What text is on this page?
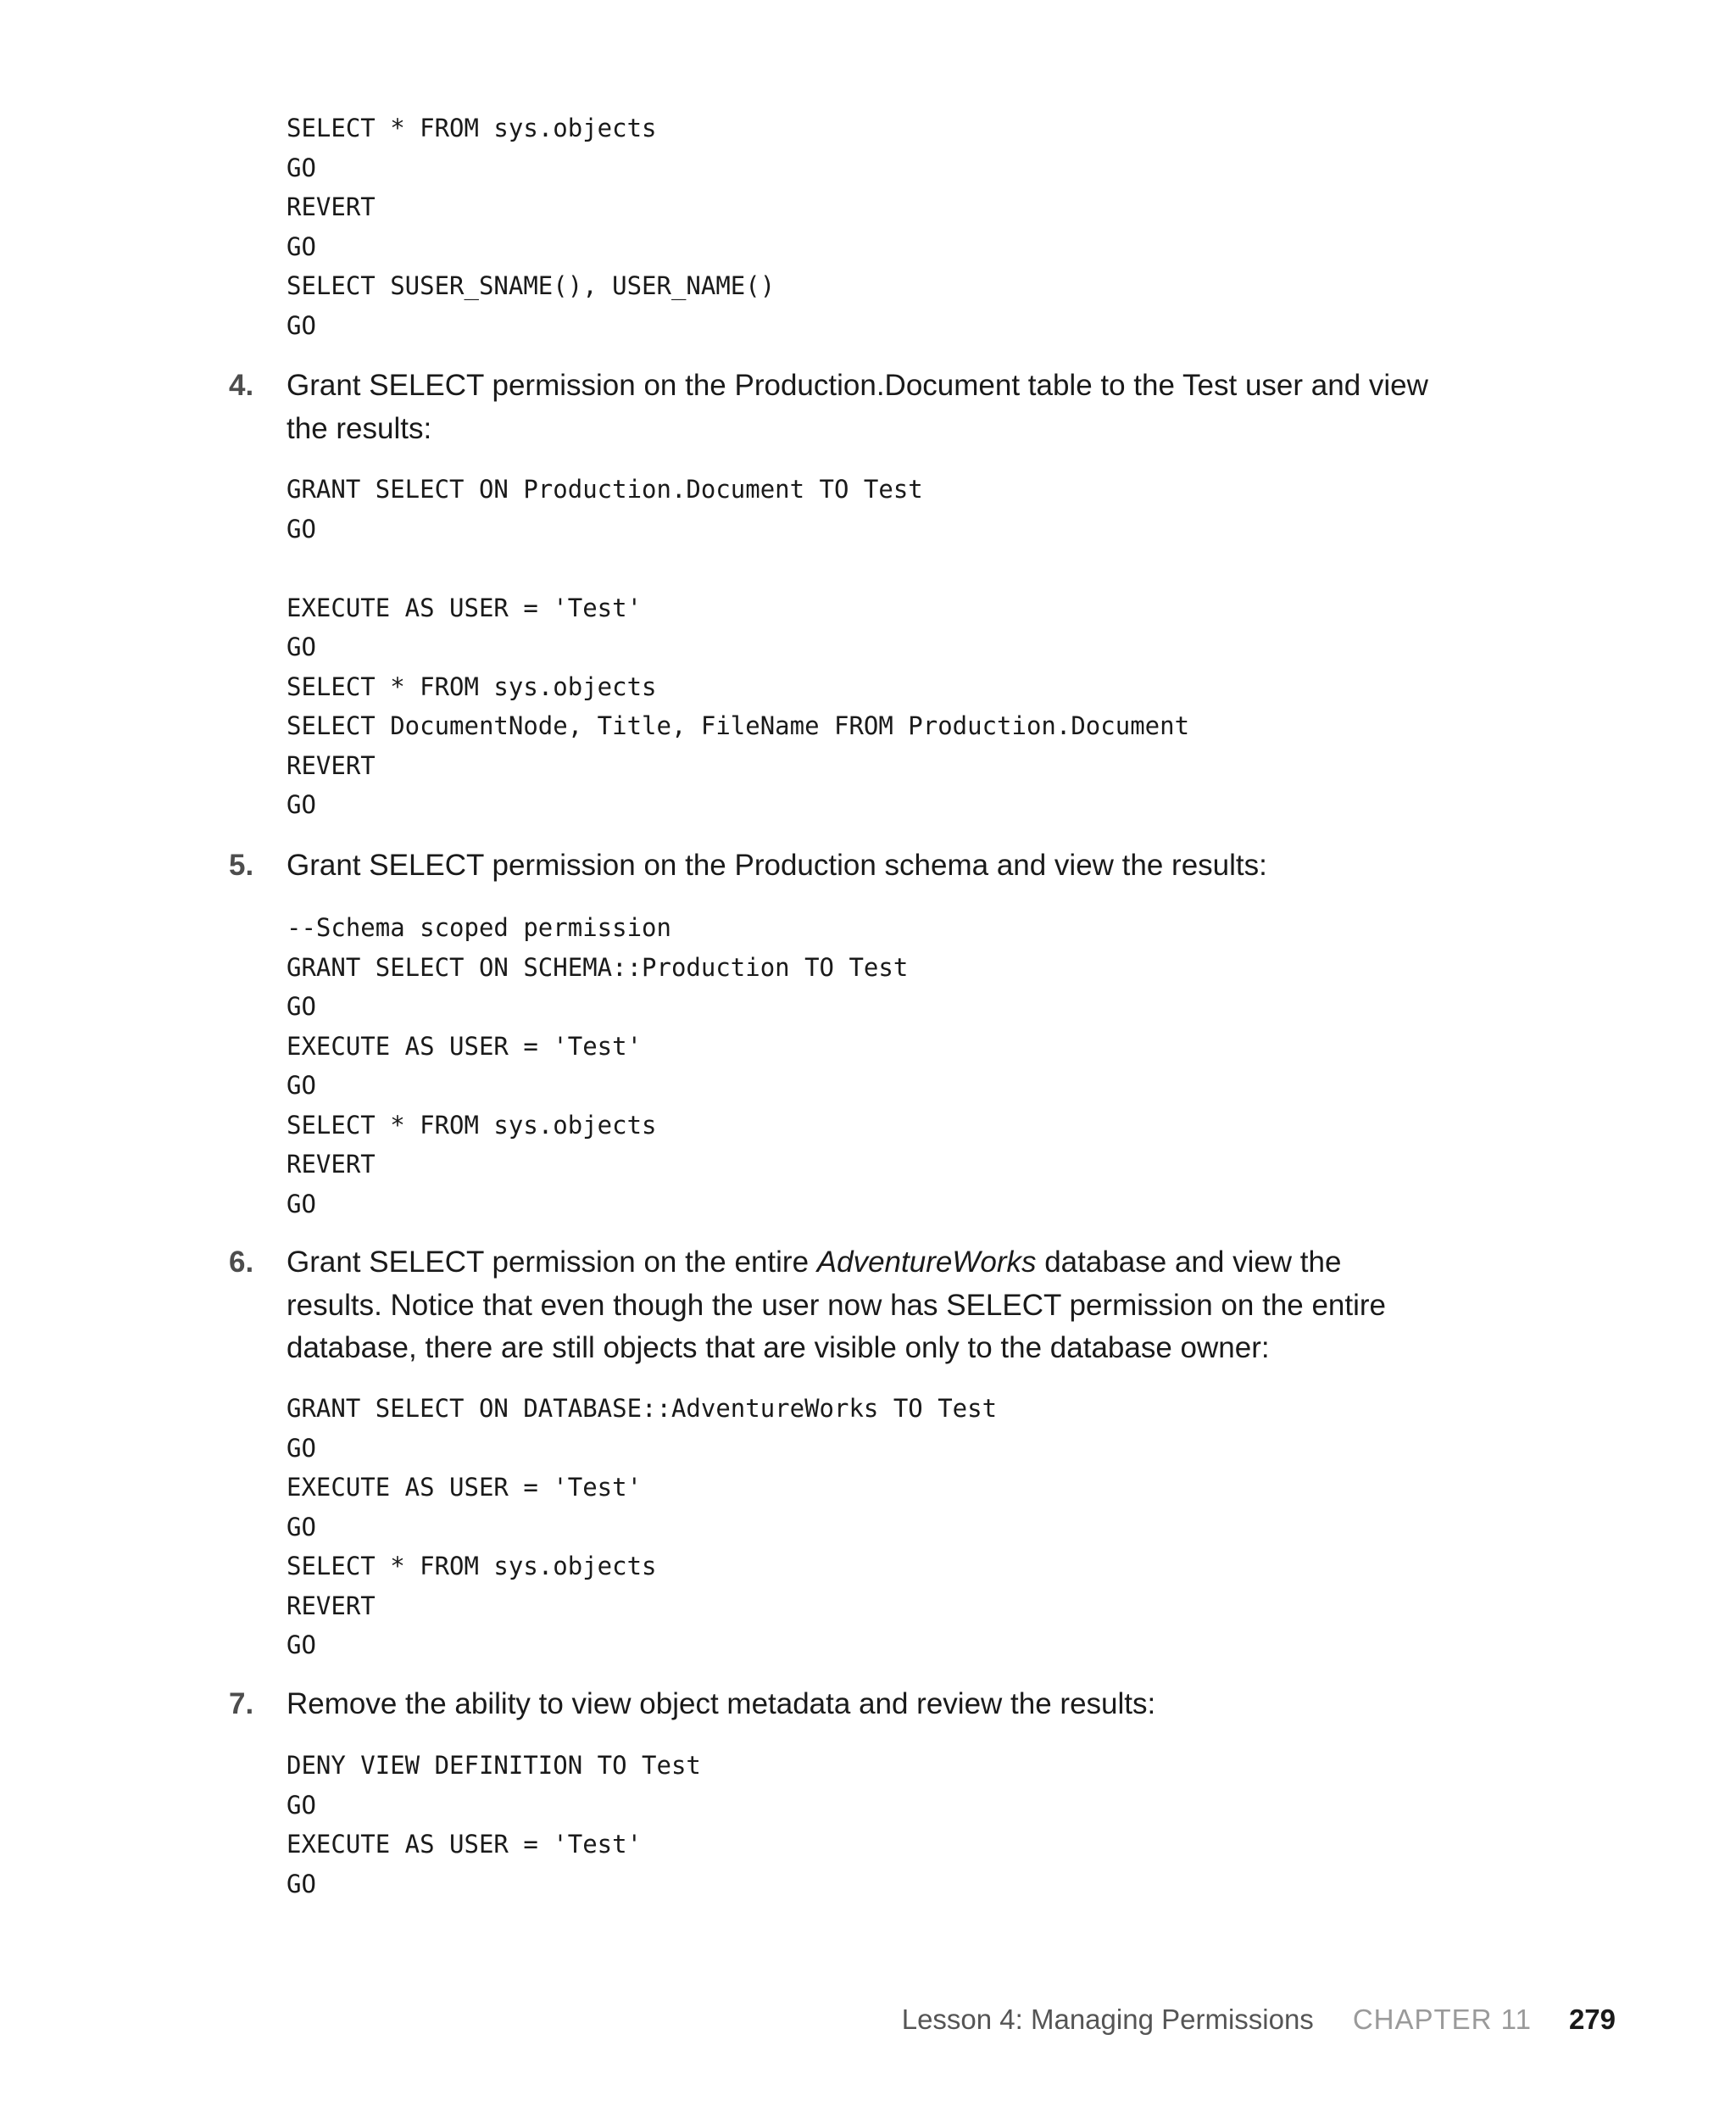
SELECT * FROM sys.objects
GO
REVERT
GO
SELECT SUSER_SNAME(), USER_NAME()
GO
4.	Grant SELECT permission on the Production.Document table to the Test user and view the results:
GRANT SELECT ON Production.Document TO Test
GO
EXECUTE AS USER = 'Test'
GO
SELECT * FROM sys.objects
SELECT DocumentNode, Title, FileName FROM Production.Document
REVERT
GO
5.	Grant SELECT permission on the Production schema and view the results:
--Schema scoped permission
GRANT SELECT ON SCHEMA::Production TO Test
GO
EXECUTE AS USER = 'Test'
GO
SELECT * FROM sys.objects
REVERT
GO
6.	Grant SELECT permission on the entire AdventureWorks database and view the results. Notice that even though the user now has SELECT permission on the entire database, there are still objects that are visible only to the database owner:
GRANT SELECT ON DATABASE::AdventureWorks TO Test
GO
EXECUTE AS USER = 'Test'
GO
SELECT * FROM sys.objects
REVERT
GO
7.	Remove the ability to view object metadata and review the results:
DENY VIEW DEFINITION TO Test
GO
EXECUTE AS USER = 'Test'
GO
Lesson 4: Managing Permissions CHAPTER 11 279
